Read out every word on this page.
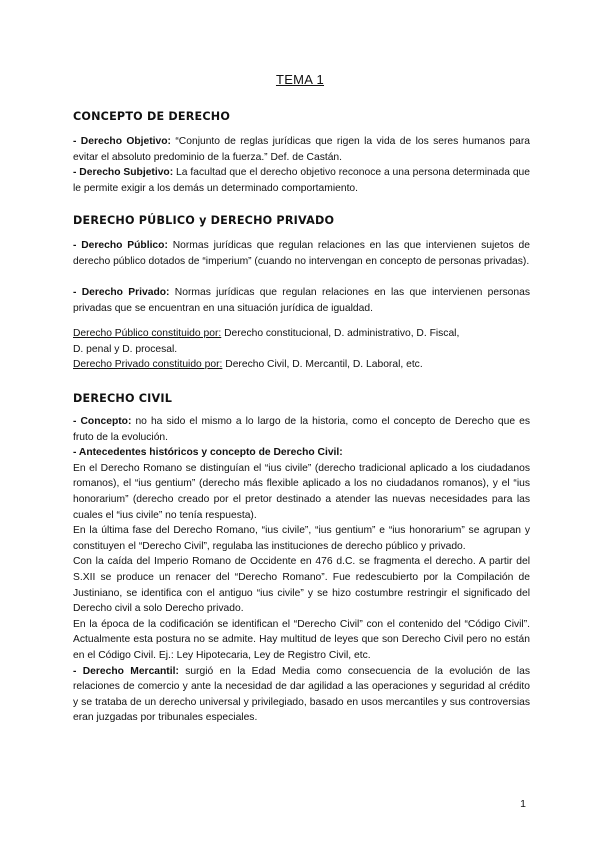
TEMA 1
CONCEPTO DE DERECHO
- Derecho Objetivo: “Conjunto de reglas jurídicas que rigen la vida de los seres humanos para evitar el absoluto predominio de la fuerza.” Def. de Castán.
- Derecho Subjetivo: La facultad que el derecho objetivo reconoce a una persona determinada que le permite exigir a los demás un determinado comportamiento.
DERECHO PÚBLICO y DERECHO PRIVADO
- Derecho Público: Normas jurídicas que regulan relaciones en las que intervienen sujetos de derecho público dotados de “imperium” (cuando no intervengan en concepto de personas privadas).
- Derecho Privado: Normas jurídicas que regulan relaciones en las que intervienen personas privadas que se encuentran en una situación jurídica de igualdad.
Derecho Público constituido por: Derecho constitucional, D. administrativo, D. Fiscal,
D. penal y D. procesal.
Derecho Privado constituido por: Derecho Civil, D. Mercantil, D. Laboral, etc.
DERECHO CIVIL
- Concepto: no ha sido el mismo a lo largo de la historia, como el concepto de Derecho que es fruto de la evolución.
- Antecedentes históricos y concepto de Derecho Civil:
En el Derecho Romano se distinguían el “ius civile” (derecho tradicional aplicado a los ciudadanos romanos), el “ius gentium” (derecho más flexible aplicado a los no ciudadanos romanos), y el “ius honorarium” (derecho creado por el pretor destinado a atender las nuevas necesidades para las cuales el “ius civile” no tenía respuesta).
En la última fase del Derecho Romano, “ius civile”, “ius gentium” e “ius honorarium” se agrupan y constituyen el “Derecho Civil”, regulaba las instituciones de derecho público y privado.
Con la caída del Imperio Romano de Occidente en 476 d.C. se fragmenta el derecho. A partir del S.XII se produce un renacer del “Derecho Romano”. Fue redescubierto por la Compilación de Justiniano, se identifica con el antiguo “ius civile” y se hizo costumbre restringir el significado del Derecho civil a solo Derecho privado.
En la época de la codificación se identifican el “Derecho Civil” con el contenido del “Código Civil”. Actualmente esta postura no se admite. Hay multitud de leyes que son Derecho Civil pero no están en el Código Civil. Ej.: Ley Hipotecaria, Ley de Registro Civil, etc.
- Derecho Mercantil: surgió en la Edad Media como consecuencia de la evolución de las relaciones de comercio y ante la necesidad de dar agilidad a las operaciones y seguridad al crédito y se trataba de un derecho universal y privilegiado, basado en usos mercantiles y sus controversias eran juzgadas por tribunales especiales.
1
